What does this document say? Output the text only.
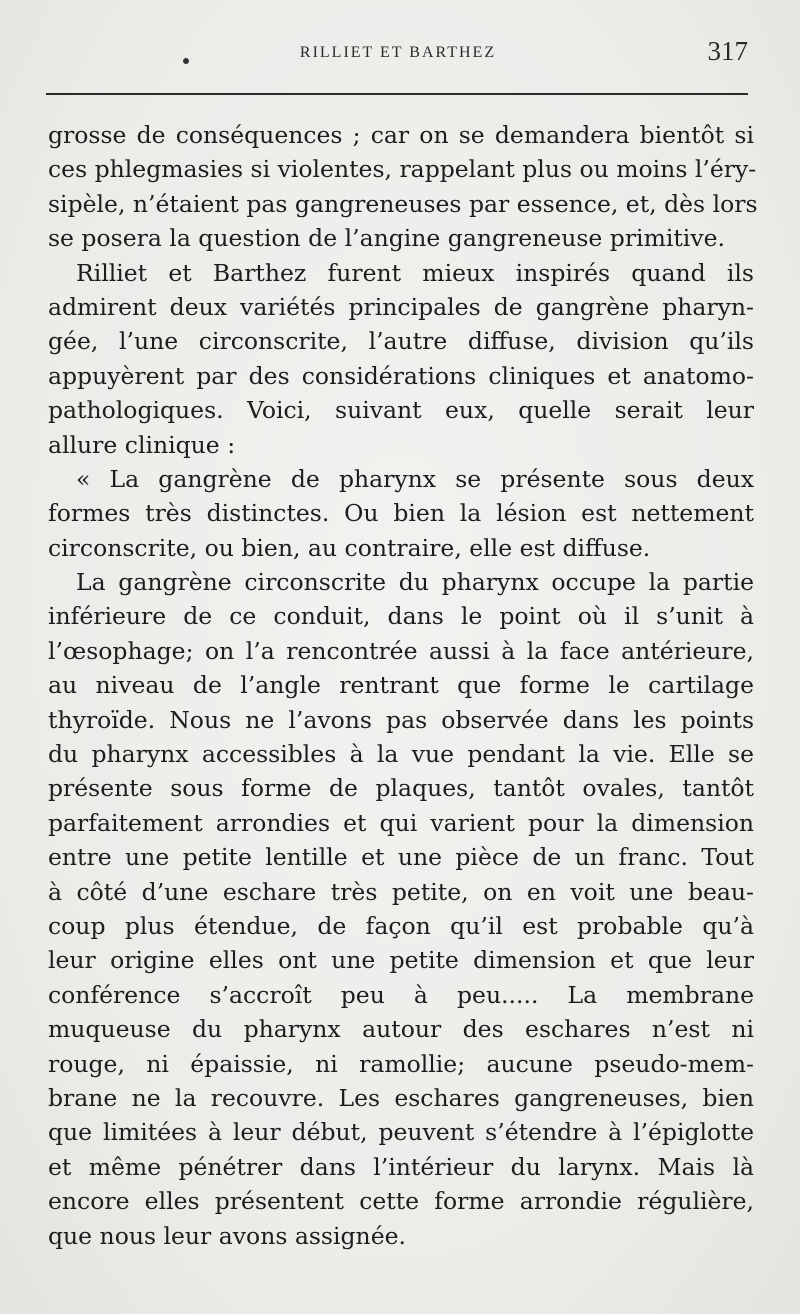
RILLIET ET BARTHEZ	317
grosse de conséquences ; car on se demandera bientôt si
ces phlegmasies si violentes, rappelant plus ou moins l’éry-
sipèle, n’étaient pas gangreneuses par essence, et, dès lors
se posera la question de l’angine gangreneuse primitive.
Rilliet et Barthez furent mieux inspirés quand ils
admirent deux variétés principales de gangrène pharyn-
gée, l’une circonscrite, l’autre diffuse, division qu’ils
appuyèrent par des considérations cliniques et anatomo-
pathologiques. Voici, suivant eux, quelle serait leur
allure clinique :
« La gangrène de pharynx se présente sous deux
formes très distinctes. Ou bien la lésion est nettement
circonscrite, ou bien, au contraire, elle est diffuse.
La gangrène circonscrite du pharynx occupe la partie
inférieure de ce conduit, dans le point où il s’unit à
l’œsophage; on l’a rencontrée aussi à la face antérieure,
au niveau de l’angle rentrant que forme le cartilage
thyroïde. Nous ne l’avons pas observée dans les points
du pharynx accessibles à la vue pendant la vie. Elle se
présente sous forme de plaques, tantôt ovales, tantôt
parfaitement arrondies et qui varient pour la dimension
entre une petite lentille et une pièce de un franc. Tout
à côté d’une eschare très petite, on en voit une beau-
coup plus étendue, de façon qu’il est probable qu’à
leur origine elles ont une petite dimension et que leur
conférence s’accroît peu à peu..... La membrane
muqueuse du pharynx autour des eschares n’est ni
rouge, ni épaissie, ni ramollie; aucune pseudo-mem-
brane ne la recouvre. Les eschares gangreneuses, bien
que limitées à leur début, peuvent s’étendre à l’épiglotte
et même pénétrer dans l’intérieur du larynx. Mais là
encore elles présentent cette forme arrondie régulière,
que nous leur avons assignée.
